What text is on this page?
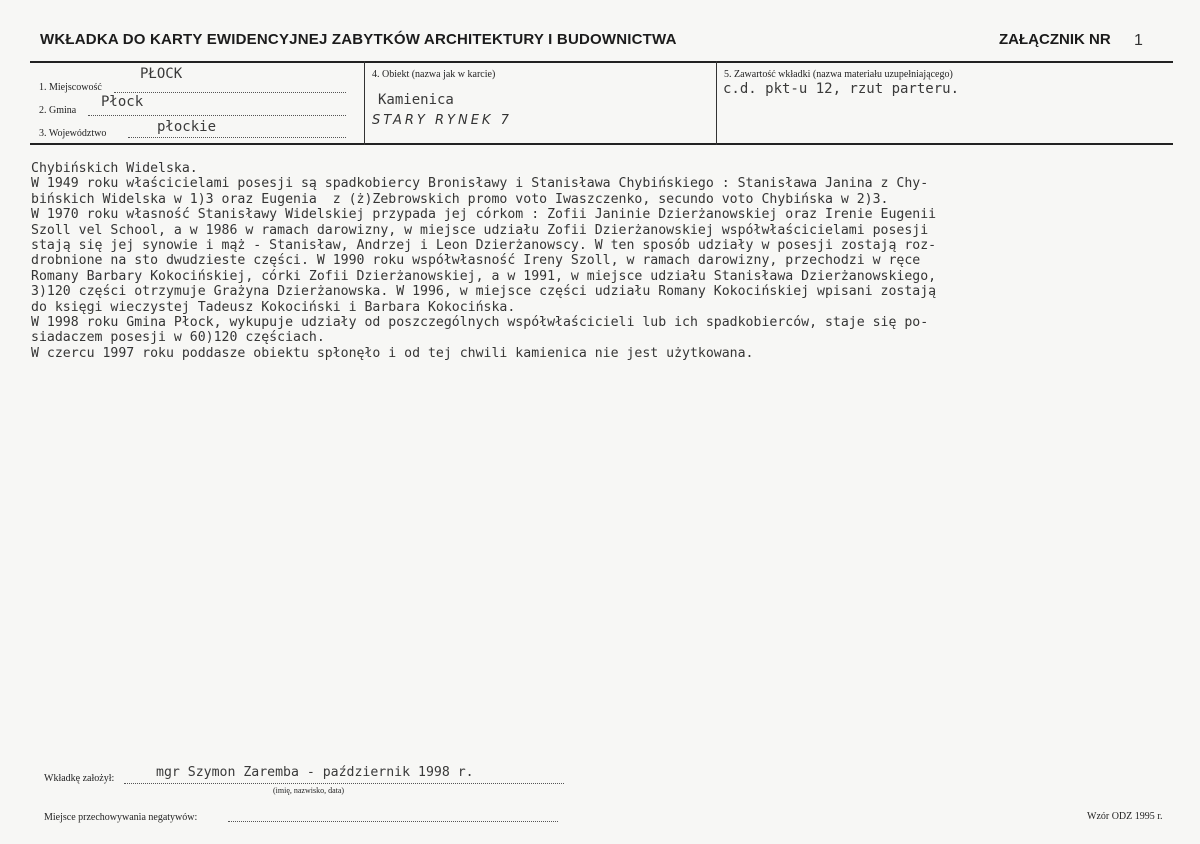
WKŁADKA DO KARTY EWIDENCYJNEJ ZABYTKÓW ARCHITEKTURY I BUDOWNICTWA	ZAŁĄCZNIK NR 1
1. Miejscowość
PŁOCK
2. Gmina
Płock
3. Województwo	płockie
4. Obiekt (nazwa jak w karcie)
Kamienica
STARY RYNEK 7
5. Zawartość wkładki (nazwa materiału uzupełniającego)
c.d. pkt-u 12, rzut parteru.
Chybińskich Widelska.
W 1949 roku właścicielami posesji są spadkobiercy Bronisławy i Stanisława Chybińskiego : Stanisława Janina z Chy-
bińskich Widelska w 1)3 oraz Eugenia  z (ż)Zebrowskich promo voto Iwaszczenko, secundo voto Chybińska w 2)3.
W 1970 roku własność Stanisławy Widelskiej przypada jej córkom : Zofii Janinie Dzierżanowskiej oraz Irenie Eugenii
Szoll vel School, a w 1986 w ramach darowizny, w miejsce udziału Zofii Dzierżanowskiej współwłaścicielami posesji
stają się jej synowie i mąż - Stanisław, Andrzej i Leon Dzierżanowscy. W ten sposób udziały w posesji zostają roz-
drobnione na sto dwudzieste części. W 1990 roku współwłasność Ireny Szoll, w ramach darowizny, przechodzi w ręce
Romany Barbary Kokocińskiej, córki Zofii Dzierżanowskiej, a w 1991, w miejsce udziału Stanisława Dzierżanowskiego,
3)120 części otrzymuje Grażyna Dzierżanowska. W 1996, w miejsce części udziału Romany Kokocińskiej wpisani zostają
do księgi wieczystej Tadeusz Kokociński i Barbara Kokocińska.
W 1998 roku Gmina Płock, wykupuje udziały od poszczególnych współwłaścicieli lub ich spadkobierców, staje się po-
siadaczem posesji w 60)120 częściach.
W czercu 1997 roku poddasze obiektu spłonęło i od tej chwili kamienica nie jest użytkowana.
Wkładkę założył:	mgr Szymon Zaremba - październik 1998 r.
(imię, nazwisko, data)
Miejsce przechowywania negatywów:	Wzór ODZ 1995 r.
